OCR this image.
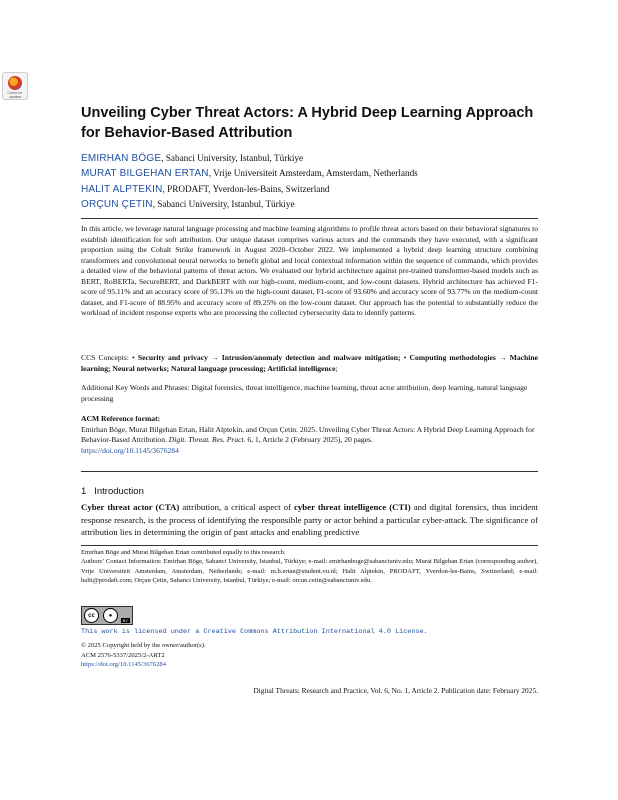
Check for updates
Unveiling Cyber Threat Actors: A Hybrid Deep Learning Approach for Behavior-Based Attribution
EMIRHAN BÖGE, Sabanci University, Istanbul, Türkiye
MURAT BILGEHAN ERTAN, Vrije Universiteit Amsterdam, Amsterdam, Netherlands
HALIT ALPTEKIN, PRODAFT, Yverdon-les-Bains, Switzerland
ORÇUN ÇETIN, Sabanci University, Istanbul, Türkiye
In this article, we leverage natural language processing and machine learning algorithms to profile threat actors based on their behavioral signatures to establish identification for soft attribution. Our unique dataset comprises various actors and the commands they have executed, with a significant proportion using the Cobalt Strike framework in August 2020–October 2022. We implemented a hybrid deep learning structure combining transformers and convolutional neural networks to benefit global and local contextual information within the sequence of commands, which provides a detailed view of the behavioral patterns of threat actors. We evaluated our hybrid architecture against pre-trained transformer-based models such as BERT, RoBERTa, SecureBERT, and DarkBERT with our high-count, medium-count, and low-count datasets. Hybrid architecture has achieved F1-score of 95.11% and an accuracy score of 95.13% on the high-count dataset, F1-score of 93.60% and accuracy score of 93.77% on the medium-count dataset, and F1-score of 88.95% and accuracy score of 89.25% on the low-count dataset. Our approach has the potential to substantially reduce the workload of incident response experts who are processing the collected cybersecurity data to identify patterns.
CCS Concepts: • Security and privacy → Intrusion/anomaly detection and malware mitigation; • Computing methodologies → Machine learning; Neural networks; Natural language processing; Artificial intelligence;
Additional Key Words and Phrases: Digital forensics, threat intelligence, machine learning, threat actor attribution, deep learning, natural language processing
ACM Reference format:
Emirhan Böge, Murat Bilgehan Ertan, Halit Alptekin, and Orçun Çetin. 2025. Unveiling Cyber Threat Actors: A Hybrid Deep Learning Approach for Behavior-Based Attribution. Digit. Threat. Res. Pract. 6, 1, Article 2 (February 2025), 20 pages.
https://doi.org/10.1145/3676284
1 Introduction
Cyber threat actor (CTA) attribution, a critical aspect of cyber threat intelligence (CTI) and digital forensics, thus incident response research, is the process of identifying the responsible party or actor behind a particular cyber-attack. The significance of attribution lies in determining the origin of past attacks and enabling predictive
Emirhan Böge and Murat Bilgehan Ertan contributed equally to this research.
Authors’ Contact Information: Emirhan Böge, Sabanci University, Istanbul, Türkiye; e-mail: emirhanboge@sabanciuniv.edu; Murat Bilgehan Ertan (corresponding author), Vrije Universiteit Amsterdam, Amsterdam, Netherlands; e-mail: m.b.ertan@student.vu.nl; Halit Alptekin, PRODAFT, Yverdon-les-Bains, Switzerland; e-mail: halit@prodaft.com; Orçun Çetin, Sabanci University, Istanbul, Türkiye; e-mail: orcun.cetin@sabanciuniv.edu.
cc	●
BY
This work is licensed under a Creative Commons Attribution International 4.0 License.
© 2025 Copyright held by the owner/author(s).
ACM 2576-5337/2025/2-ART2
https://doi.org/10.1145/3676284
Digital Threats: Research and Practice, Vol. 6, No. 1, Article 2. Publication date: February 2025.
